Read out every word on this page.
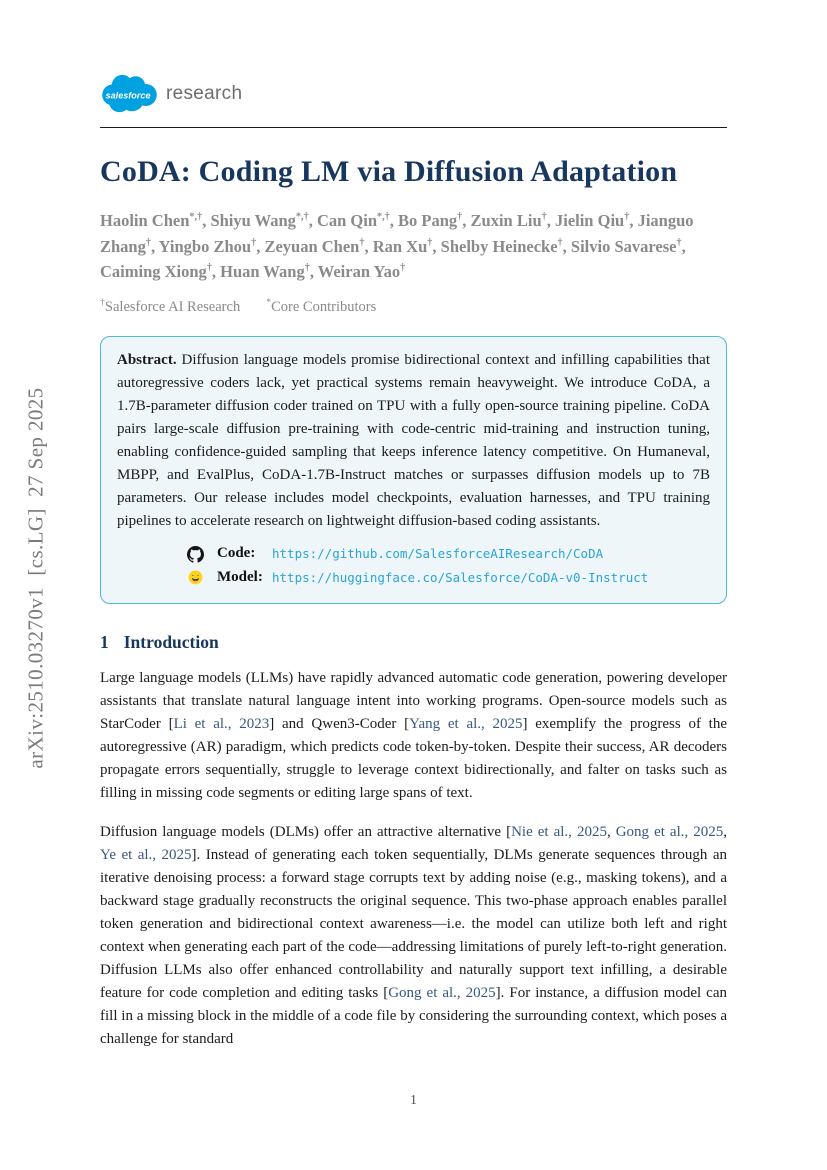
arXiv:2510.03270v1  [cs.LG]  27 Sep 2025
salesforce research
CoDA: Coding LM via Diffusion Adaptation
Haolin Chen*,†, Shiyu Wang*,†, Can Qin*,†, Bo Pang†, Zuxin Liu†, Jielin Qiu†, Jianguo Zhang†, Yingbo Zhou†, Zeyuan Chen†, Ran Xu†, Shelby Heinecke†, Silvio Savarese†, Caiming Xiong†, Huan Wang†, Weiran Yao†
†Salesforce AI Research	*Core Contributors

Abstract. Diffusion language models promise bidirectional context and infilling capabilities that autoregressive coders lack, yet practical systems remain heavyweight. We introduce CoDA, a 1.7B-parameter diffusion coder trained on TPU with a fully open-source training pipeline. CoDA pairs large-scale diffusion pre-training with code-centric mid-training and instruction tuning, enabling confidence-guided sampling that keeps inference latency competitive. On Humaneval, MBPP, and EvalPlus, CoDA-1.7B-Instruct matches or surpasses diffusion models up to 7B parameters. Our release includes model checkpoints, evaluation harnesses, and TPU training pipelines to accelerate research on lightweight diffusion-based coding assistants.

Code:	https://github.com/SalesforceAIResearch/CoDA
Model: https://huggingface.co/Salesforce/CoDA-v0-Instruct
1 Introduction

Large language models (LLMs) have rapidly advanced automatic code generation, powering developer assistants that translate natural language intent into working programs. Open-source models such as StarCoder [Li et al., 2023] and Qwen3-Coder [Yang et al., 2025] exemplify the progress of the autoregressive (AR) paradigm, which predicts code token-by-token. Despite their success, AR decoders propagate errors sequentially, struggle to leverage context bidirectionally, and falter on tasks such as filling in missing code segments or editing large spans of text.

Diffusion language models (DLMs) offer an attractive alternative [Nie et al., 2025, Gong et al., 2025, Ye et al., 2025]. Instead of generating each token sequentially, DLMs generate sequences through an iterative denoising process: a forward stage corrupts text by adding noise (e.g., masking tokens), and a backward stage gradually reconstructs the original sequence. This two-phase approach enables parallel token generation and bidirectional context awareness—i.e. the model can utilize both left and right context when generating each part of the code—addressing limitations of purely left-to-right generation. Diffusion LLMs also offer enhanced controllability and naturally support text infilling, a desirable feature for code completion and editing tasks [Gong et al., 2025]. For instance, a diffusion model can fill in a missing block in the middle of a code file by considering the surrounding context, which poses a challenge for standard

1
